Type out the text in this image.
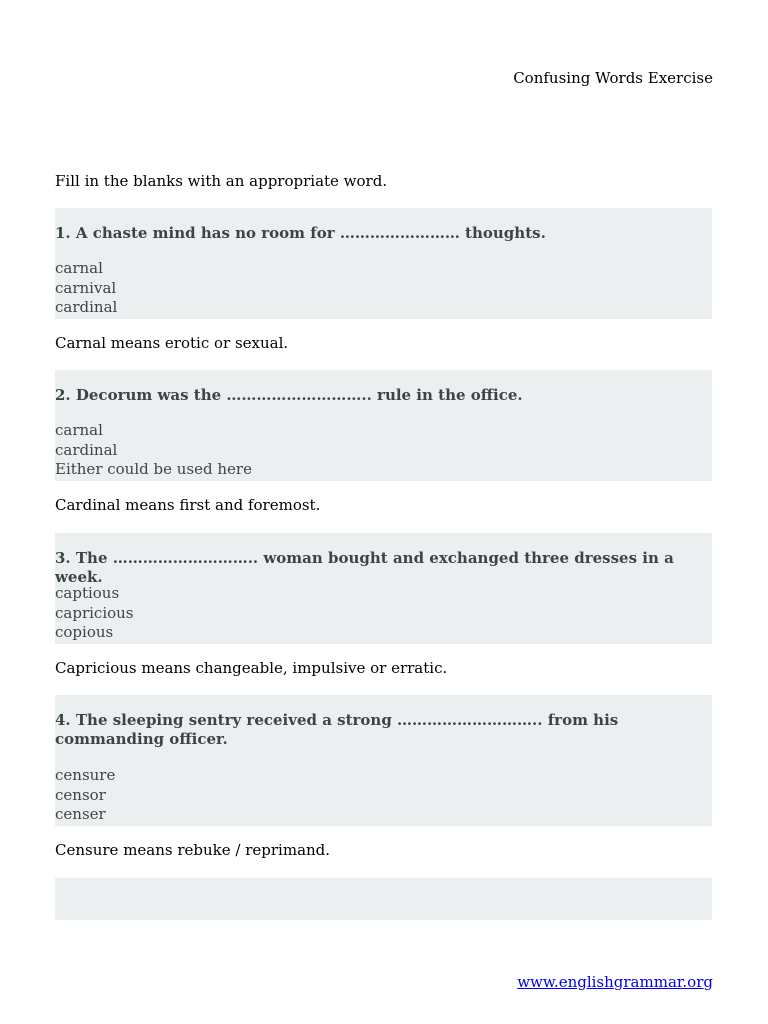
Confusing Words Exercise
Fill in the blanks with an appropriate word.

1. A chaste mind has no room for …………………… thoughts.

carnal
carnival
cardinal
Carnal means erotic or sexual.

2. Decorum was the ……………………….. rule in the office.

carnal
cardinal
Either could be used here
Cardinal means first and foremost.

3. The ……………………….. woman bought and exchanged three dresses in a week.

captious
capricious
copious
Capricious means changeable, impulsive or erratic.

4. The sleeping sentry received a strong ……………………….. from his commanding officer.

censure
censor
censer
Censure means rebuke / reprimand.
www.englishgrammar.org
